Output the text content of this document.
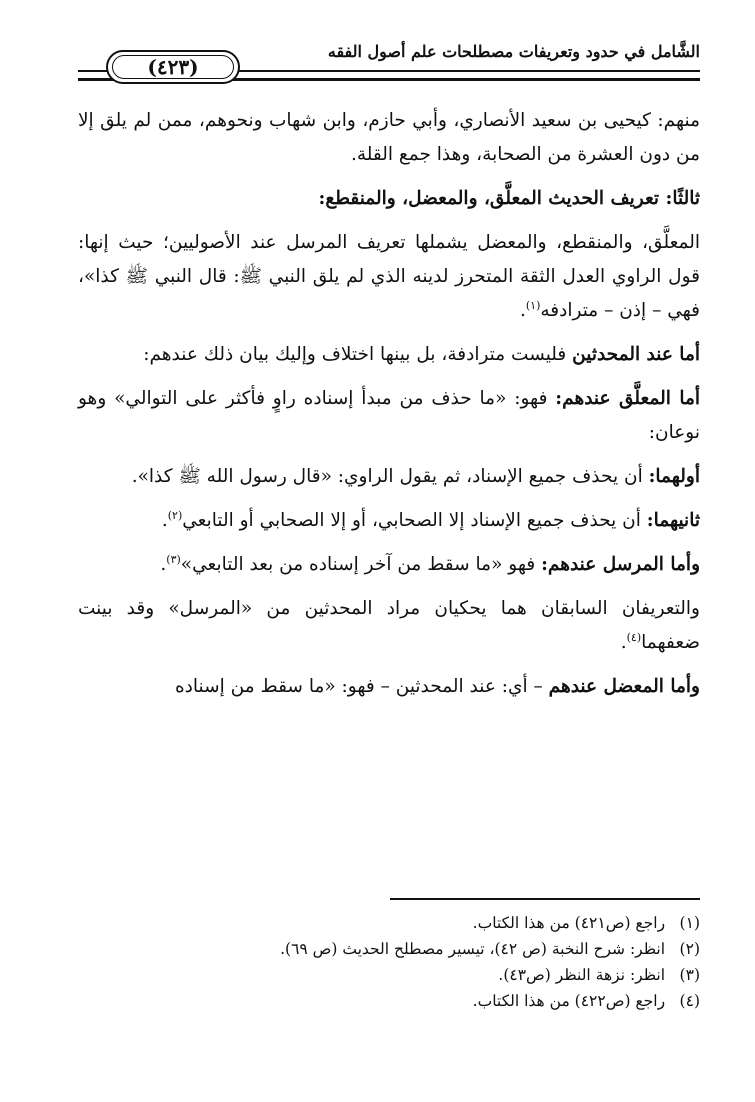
(٤٢٣)
الشَّامل في حدود وتعريفات مصطلحات علم أصول الفقه

منهم: كيحيى بن سعيد الأنصاري، وأبي حازم، وابن شهاب ونحوهم، ممن لم يلق إلا من دون العشرة من الصحابة، وهذا جمع القلة.

ثالثًا: تعريف الحديث المعلَّق، والمعضل، والمنقطع:

المعلَّق، والمنقطع، والمعضل يشملها تعريف المرسل عند الأصوليين؛ حيث إنها: قول الراوي العدل الثقة المتحرز لدينه الذي لم يلق النبي ﷺ: قال النبي ﷺ كذا»، فهي – إذن – مترادفه$^{(١)}$.

أما عند المحدثين فليست مترادفة، بل بينها اختلاف وإليك بيان ذلك عندهم:

أما المعلَّق عندهم: فهو: «ما حذف من مبدأ إسناده راوٍ فأكثر على التوالي» وهو نوعان:

أولهما: أن يحذف جميع الإسناد، ثم يقول الراوي: «قال رسول الله ﷺ كذا».

ثانيهما: أن يحذف جميع الإسناد إلا الصحابي، أو إلا الصحابي أو التابعي$^{(٢)}$.

وأما المرسل عندهم: فهو «ما سقط من آخر إسناده من بعد التابعي»$^{(٣)}$.

والتعريفان السابقان هما يحكيان مراد المحدثين من «المرسل» وقد بينت ضعفهما$^{(٤)}$.

وأما المعضل عندهم – أي: عند المحدثين – فهو: «ما سقط من إسناده

(١) راجع (ص٤٢١) من هذا الكتاب.

(٢) انظر: شرح النخبة (ص ٤٢)، تيسير مصطلح الحديث (ص ٦٩).

(٣) انظر: نزهة النظر (ص٤٣).

(٤) راجع (ص٤٢٢) من هذا الكتاب.
